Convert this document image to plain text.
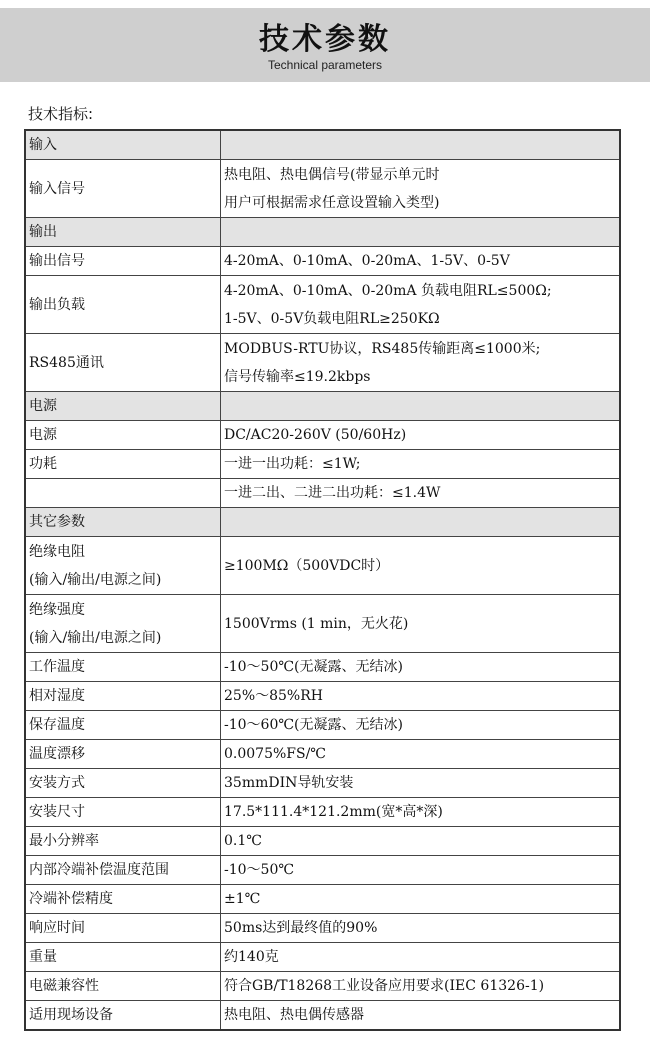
技术参数
Technical parameters
技术指标:
输入	

输入信号	热电阻、热电偶信号(带显示单元时
用户可根据需求任意设置输入类型)

输出	

输出信号	4-20mA、0-10mA、0-20mA、1-5V、0-5V

输出负载	4-20mA、0-10mA、0-20mA 负载电阻RL≤500Ω;
1-5V、0-5V负载电阻RL≥250KΩ

RS485通讯	MODBUS-RTU协议，RS485传输距离≤1000米;
信号传输率≤19.2kbps

电源	

电源	DC/AC20-260V (50/60Hz)

功耗	一进一出功耗：≤1W;

	一进二出、二进二出功耗：≤1.4W

其它参数	

绝缘电阻
(输入/输出/电源之间)	≥100MΩ（500VDC时）

绝缘强度
(输入/输出/电源之间)	1500Vrms (1 min，无火花)

工作温度	-10～50℃(无凝露、无结冰)

相对湿度	25%～85%RH

保存温度	-10～60℃(无凝露、无结冰)

温度漂移	0.0075%FS/℃

安装方式	35mmDIN导轨安装

安装尺寸	17.5*111.4*121.2mm(宽*高*深)

最小分辨率	0.1℃

内部冷端补偿温度范围	-10～50℃

冷端补偿精度	±1℃

响应时间	50ms达到最终值的90%

重量	约140克

电磁兼容性	符合GB/T18268工业设备应用要求(IEC 61326-1)

适用现场设备	热电阻、热电偶传感器
